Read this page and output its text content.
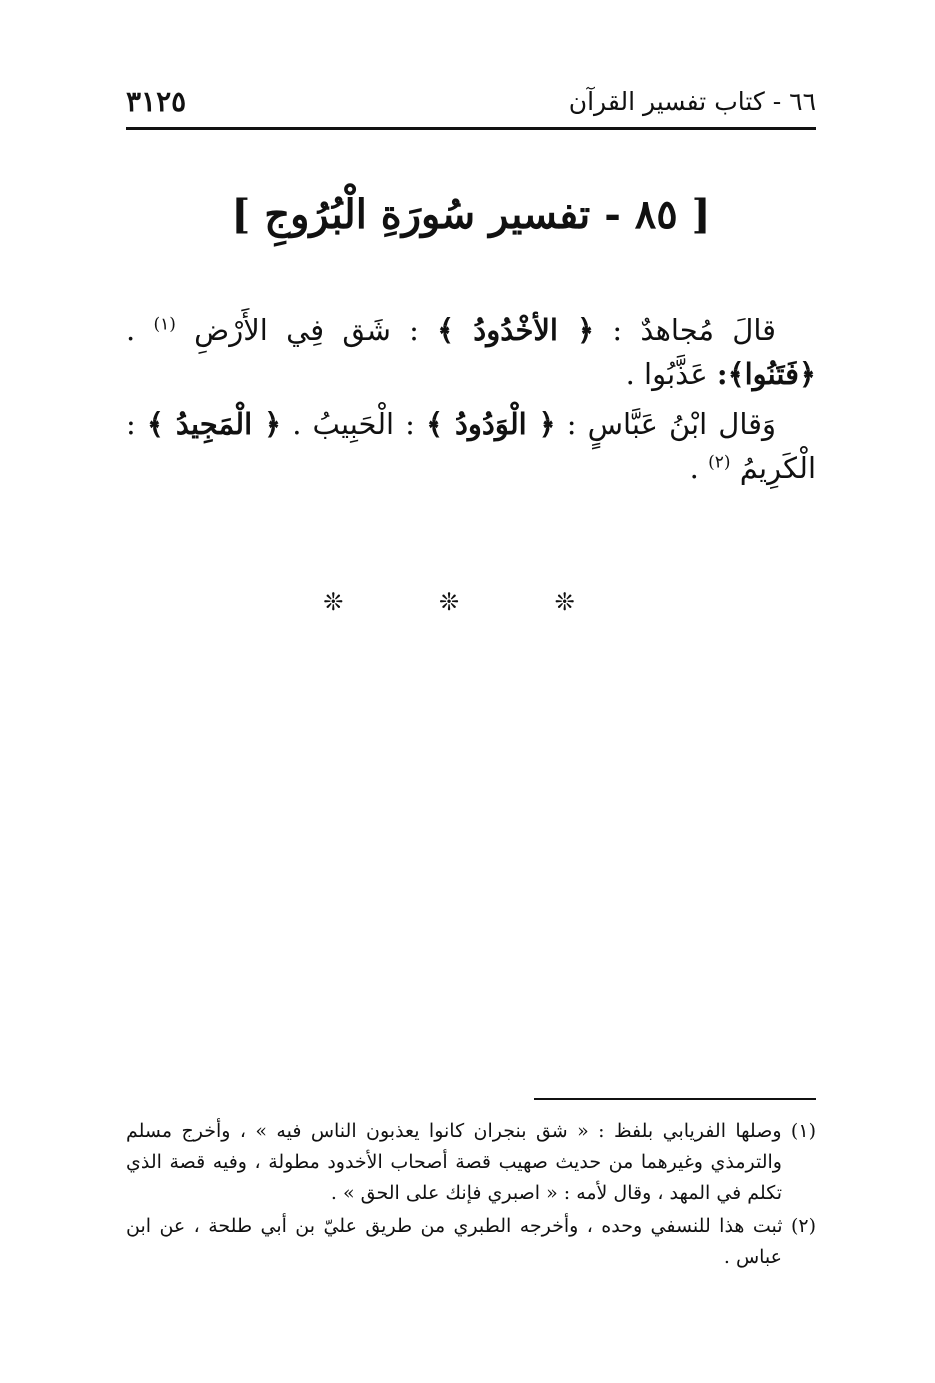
٦٦ - كتاب تفسير القرآن
٣١٢٥
[ ٨٥ - تفسير سُورَةِ الْبُرُوجِ ]

قالَ مُجاهدٌ : ﴿ الأخْدُودُ ﴾ : شَق فِي الأَرْضِ $^{(١)}$ . ﴿فَتَنُوا﴾: عَذَّبُوا .

وَقال ابْنُ عَبَّاسٍ : ﴿ الْوَدُودُ ﴾ : الْحَبِيبُ . ﴿ الْمَجِيدُ ﴾ : الْكَرِيمُ $^{(٢)}$ .

❊ ❊ ❊

(١) وصلها الفريابي بلفظ : « شق بنجران كانوا يعذبون الناس فيه » ، وأخرج مسلم والترمذي وغيرهما من حديث صهيب قصة أصحاب الأخدود مطولة ، وفيه قصة الذي تكلم في المهد ، وقال لأمه : « اصبري فإنك على الحق » .

(٢) ثبت هذا للنسفي وحده ، وأخرجه الطبري من طريق عليّ بن أبي طلحة ، عن ابن عباس .
